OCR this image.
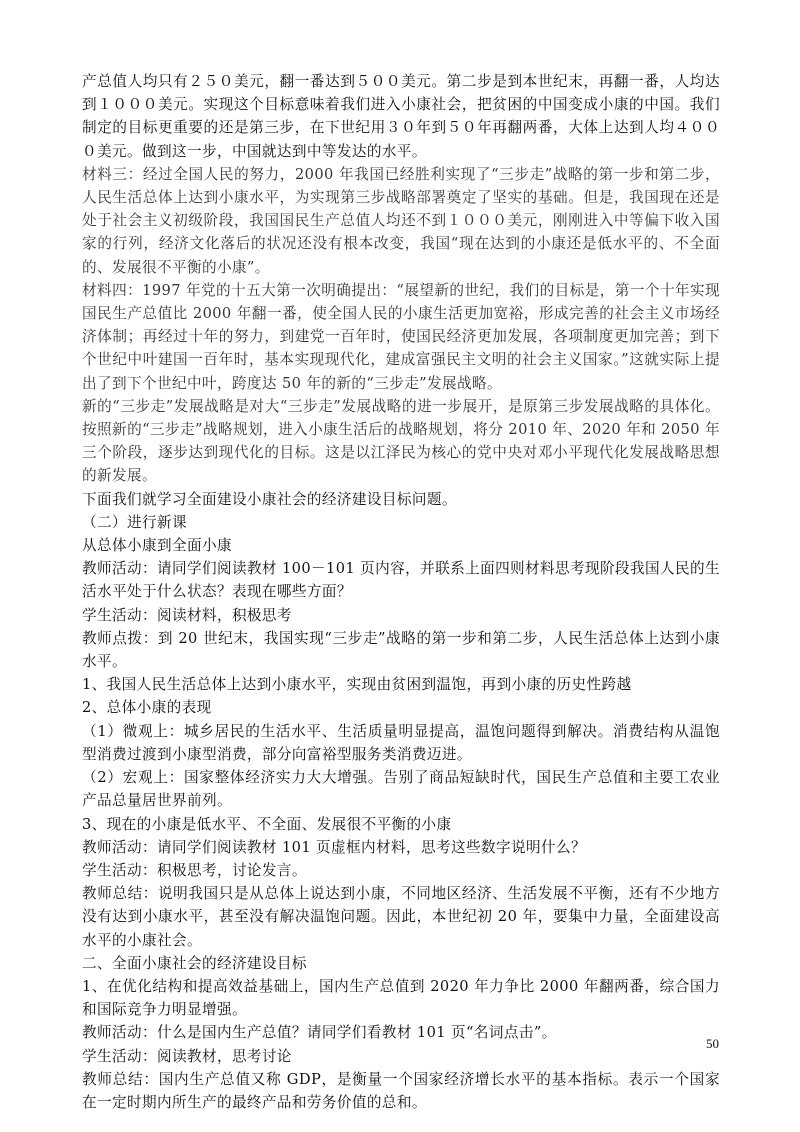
产总值人均只有２５０美元，翻一番达到５００美元。第二步是到本世纪末，再翻一番，人均达到１０００美元。实现这个目标意味着我们进入小康社会，把贫困的中国变成小康的中国。我们制定的目标更重要的还是第三步，在下世纪用３０年到５０年再翻两番，大体上达到人均４０００美元。做到这一步，中国就达到中等发达的水平。

材料三：经过全国人民的努力，2000 年我国已经胜利实现了“三步走”战略的第一步和第二步，人民生活总体上达到小康水平，为实现第三步战略部署奠定了坚实的基础。但是，我国现在还是处于社会主义初级阶段，我国国民生产总值人均还不到１０００美元，刚刚进入中等偏下收入国家的行列，经济文化落后的状况还没有根本改变，我国“现在达到的小康还是低水平的、不全面的、发展很不平衡的小康”。

材料四：1997 年党的十五大第一次明确提出：“展望新的世纪，我们的目标是，第一个十年实现国民生产总值比 2000 年翻一番，使全国人民的小康生活更加宽裕，形成完善的社会主义市场经济体制；再经过十年的努力，到建党一百年时，使国民经济更加发展，各项制度更加完善；到下个世纪中叶建国一百年时，基本实现现代化，建成富强民主文明的社会主义国家。”这就实际上提出了到下个世纪中叶，跨度达 50 年的新的“三步走”发展战略。

新的“三步走”发展战略是对大“三步走”发展战略的进一步展开，是原第三步发展战略的具体化。按照新的“三步走”战略规划，进入小康生活后的战略规划，将分 2010 年、2020 年和 2050 年三个阶段，逐步达到现代化的目标。这是以江泽民为核心的党中央对邓小平现代化发展战略思想的新发展。

下面我们就学习全面建设小康社会的经济建设目标问题。

（二）进行新课

从总体小康到全面小康

教师活动：请同学们阅读教材 100－101 页内容，并联系上面四则材料思考现阶段我国人民的生活水平处于什么状态？表现在哪些方面？

学生活动：阅读材料，积极思考

教师点拨：到 20 世纪末，我国实现“三步走”战略的第一步和第二步，人民生活总体上达到小康水平。

1、我国人民生活总体上达到小康水平，实现由贫困到温饱，再到小康的历史性跨越

2、总体小康的表现

（1）微观上：城乡居民的生活水平、生活质量明显提高，温饱问题得到解决。消费结构从温饱型消费过渡到小康型消费，部分向富裕型服务类消费迈进。

（2）宏观上：国家整体经济实力大大增强。告别了商品短缺时代，国民生产总值和主要工农业产品总量居世界前列。

3、现在的小康是低水平、不全面、发展很不平衡的小康

教师活动：请同学们阅读教材 101 页虚框内材料，思考这些数字说明什么？

学生活动：积极思考，讨论发言。

教师总结：说明我国只是从总体上说达到小康，不同地区经济、生活发展不平衡，还有不少地方没有达到小康水平，甚至没有解决温饱问题。因此，本世纪初 20 年，要集中力量，全面建设高水平的小康社会。

二、全面小康社会的经济建设目标

1、在优化结构和提高效益基础上，国内生产总值到 2020 年力争比 2000 年翻两番，综合国力和国际竞争力明显增强。

教师活动：什么是国内生产总值？请同学们看教材 101 页“名词点击”。

学生活动：阅读教材，思考讨论

教师总结：国内生产总值又称 GDP，是衡量一个国家经济增长水平的基本指标。表示一个国家在一定时期内所生产的最终产品和劳务价值的总和。

50
